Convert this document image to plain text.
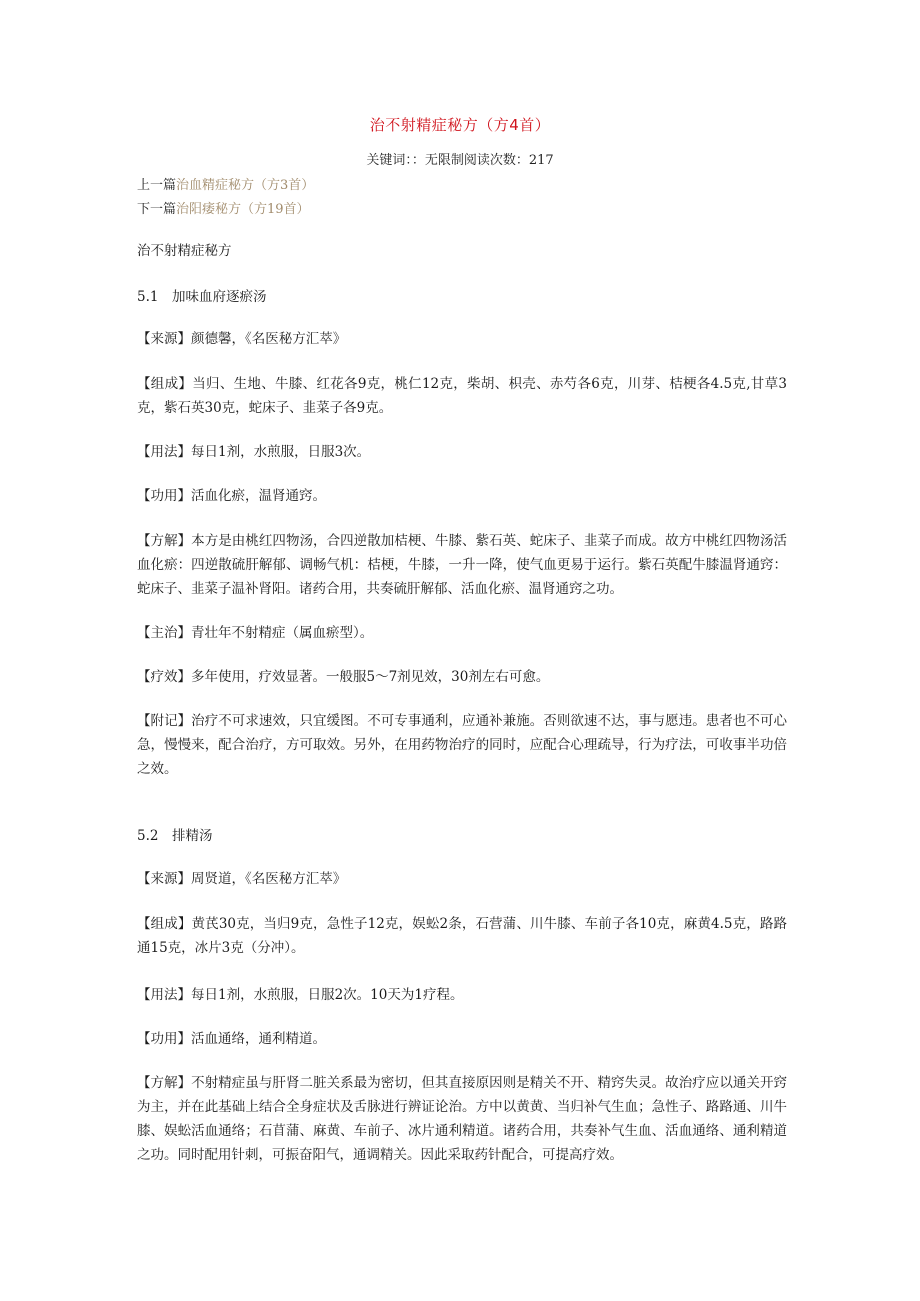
治不射精症秘方（方4首）
关键词：：无限制阅读次数：217
上一篇治血精症秘方（方3首）
下一篇治阳痿秘方（方19首）

治不射精症秘方

5.1　加味血府逐瘀汤

【来源】颜德馨，《名医秘方汇萃》

【组成】当归、生地、牛膝、红花各9克，桃仁12克，柴胡、枳壳、赤芍各6克，川芽、桔梗各4.5克,甘草3克，紫石英30克，蛇床子、韭菜子各9克。

【用法】每日1剂，水煎服，日服3次。

【功用】活血化瘀，温肾通窍。

【方解】本方是由桃红四物汤，合四逆散加桔梗、牛膝、紫石英、蛇床子、韭菜子而成。故方中桃红四物汤活血化瘀：四逆散硫肝解郁、调畅气机：桔梗，牛膝，一升一降，使气血更易于运行。紫石英配牛膝温肾通窍：蛇床子、韭菜子温补肾阳。诸药合用，共奏硫肝解郁、活血化瘀、温肾通窍之功。

【主治】青壮年不射精症（属血瘀型）。

【疗效】多年使用，疗效显著。一般服5～7剂见效，30剂左右可愈。

【附记】治疗不可求速效，只宜缓图。不可专事通利，应通补兼施。否则欲速不达，事与愿违。患者也不可心急，慢慢来，配合治疗，方可取效。另外，在用药物治疗的同时，应配合心理疏导，行为疗法，可收事半功倍之效。

5.2　排精汤

【来源】周贤道，《名医秘方汇萃》

【组成】黄芪30克，当归9克，急性子12克，娱蚣2条，石营蒲、川牛膝、车前子各10克，麻黄4.5克，路路通15克，冰片3克（分冲）。

【用法】每日1剂，水煎服，日服2次。10天为1疗程。

【功用】活血通络，通利精道。

【方解】不射精症虽与肝肾二脏关系最为密切，但其直接原因则是精关不开、精窍失灵。故治疗应以通关开窍为主，并在此基础上结合全身症状及舌脉进行辨证论治。方中以黄黄、当归补气生血；急性子、路路通、川牛膝、娱蚣活血通络；石苜蒲、麻黄、车前子、冰片通利精道。诸药合用，共奏补气生血、活血通络、通利精道之功。同时配用针刺，可振奋阳气，通调精关。因此采取药针配合，可提高疗效。
